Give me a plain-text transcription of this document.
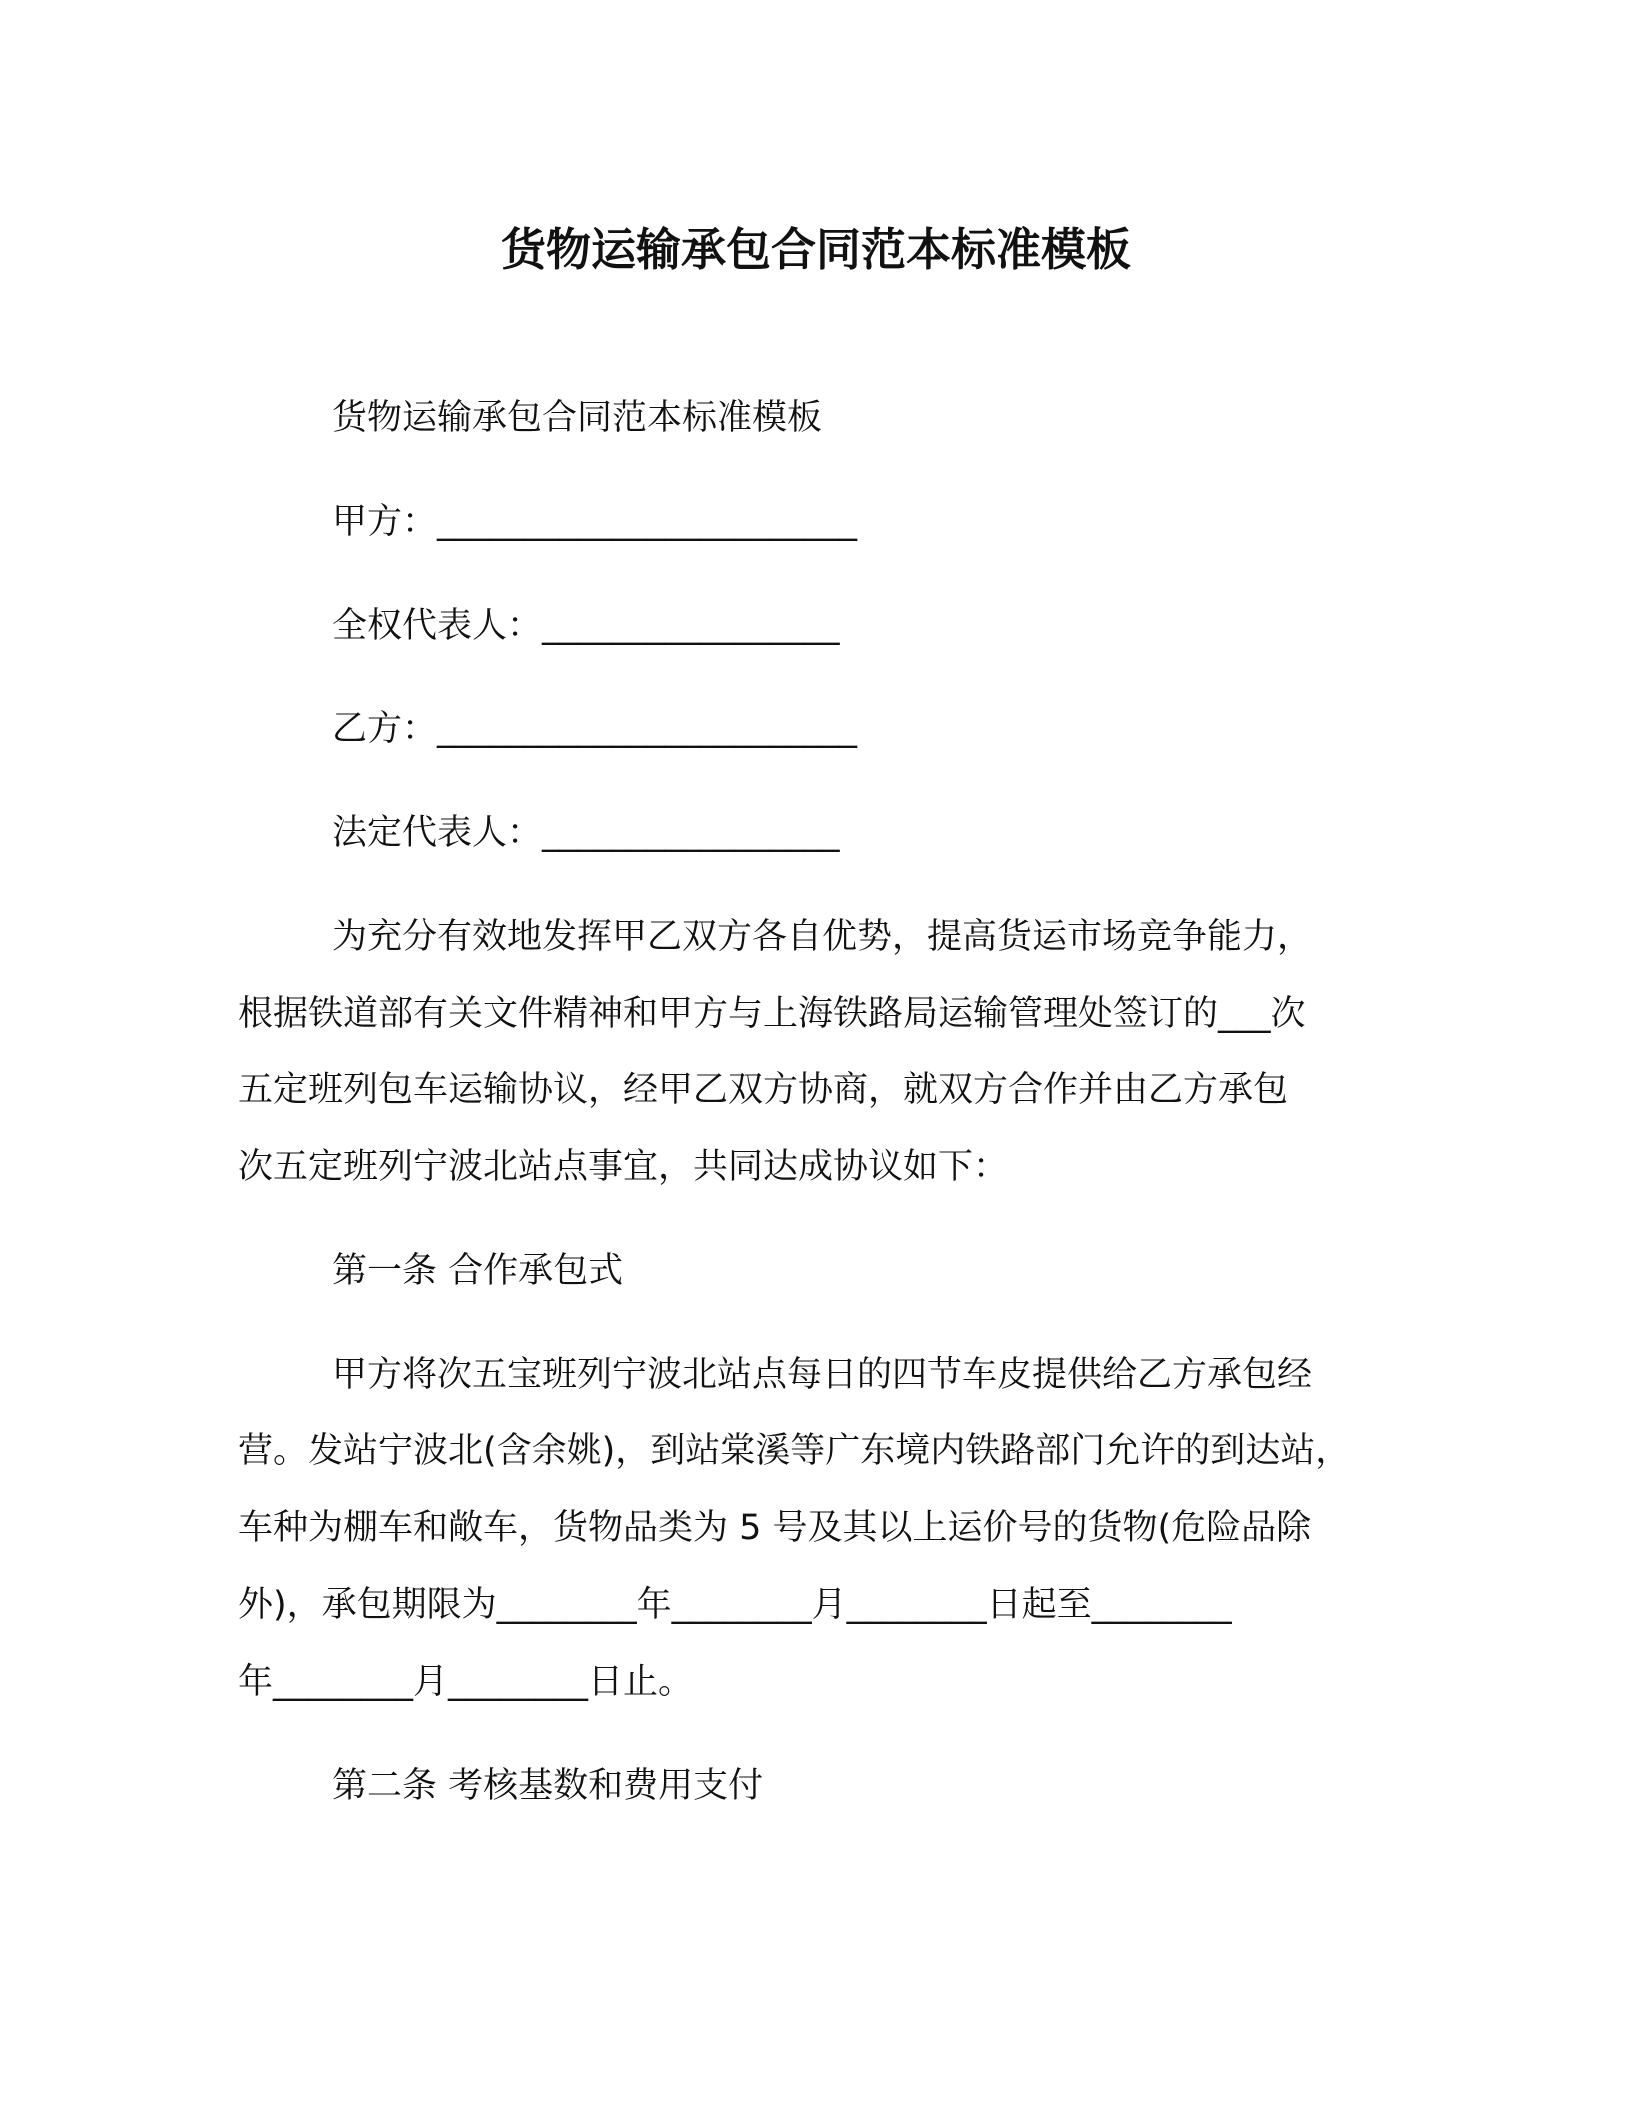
货物运输承包合同范本标准模板
货物运输承包合同范本标准模板
甲方：________________________
全权代表人：_________________
乙方：________________________
法定代表人：_________________
为充分有效地发挥甲乙双方各自优势，提高货运市场竞争能力，
根据铁道部有关文件精神和甲方与上海铁路局运输管理处签订的___次
五定班列包车运输协议，经甲乙双方协商，就双方合作并由乙方承包
次五定班列宁波北站点事宜，共同达成协议如下：
第一条 合作承包式
甲方将次五宝班列宁波北站点每日的四节车皮提供给乙方承包经
营。发站宁波北(含余姚)，到站棠溪等广东境内铁路部门允许的到达站，
车种为棚车和敞车，货物品类为 5 号及其以上运价号的货物(危险品除
外)，承包期限为________年________月________日起至________
年________月________日止。
第二条 考核基数和费用支付
